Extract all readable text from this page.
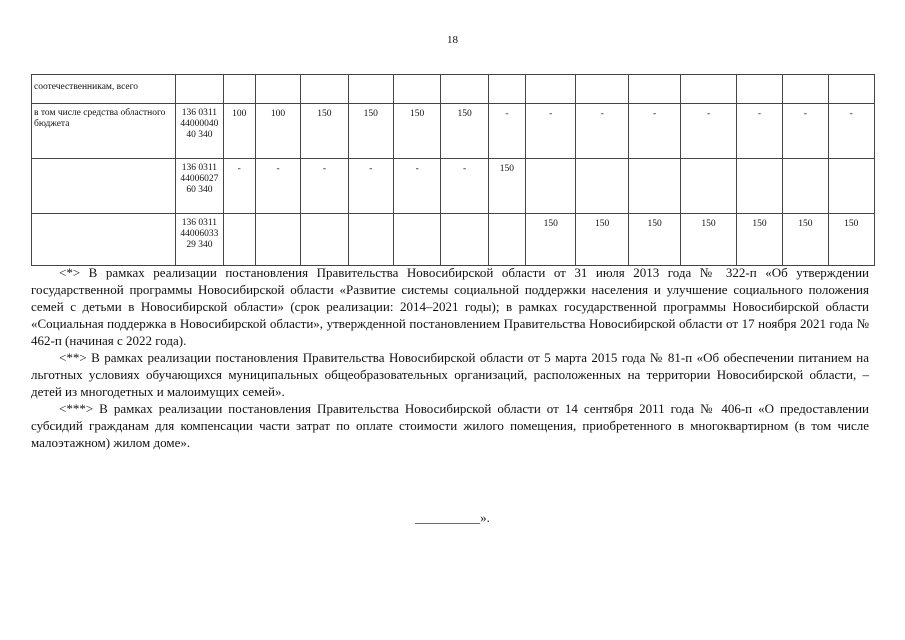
18
соотечественникам, всего															
в том числе средства областного бюджета	136 0311
44000040
40 340	100	100	150	150	150	150	-	-	-	-	-	-	-	-

	136 0311
44006027
60 340	-	-	-	-	-	-	150							

	136 0311
44006033
29 340								150	150	150	150	150	150	150

<*> В рамках реализации постановления Правительства Новосибирской области от 31 июля 2013 года № 322-п «Об утверждении государственной программы Новосибирской области «Развитие системы социальной поддержки населения и улучшение социального положения семей с детьми в Новосибирской области» (срок реализации: 2014–2021 годы); в рамках государственной программы Новосибирской области «Социальная поддержка в Новосибирской области», утвержденной постановлением Правительства Новосибирской области от 17 ноября 2021 года № 462-п (начиная с 2022 года).

<**> В рамках реализации постановления Правительства Новосибирской области от 5 марта 2015 года № 81-п «Об обеспечении питанием на льготных условиях обучающихся муниципальных общеобразовательных организаций, расположенных на территории Новосибирской области, – детей из многодетных и малоимущих семей».

<***> В рамках реализации постановления Правительства Новосибирской области от 14 сентября 2011 года № 406-п «О предоставлении субсидий гражданам для компенсации части затрат по оплате стоимости жилого помещения, приобретенного в многоквартирном (в том числе малоэтажном) жилом доме».

__________».
